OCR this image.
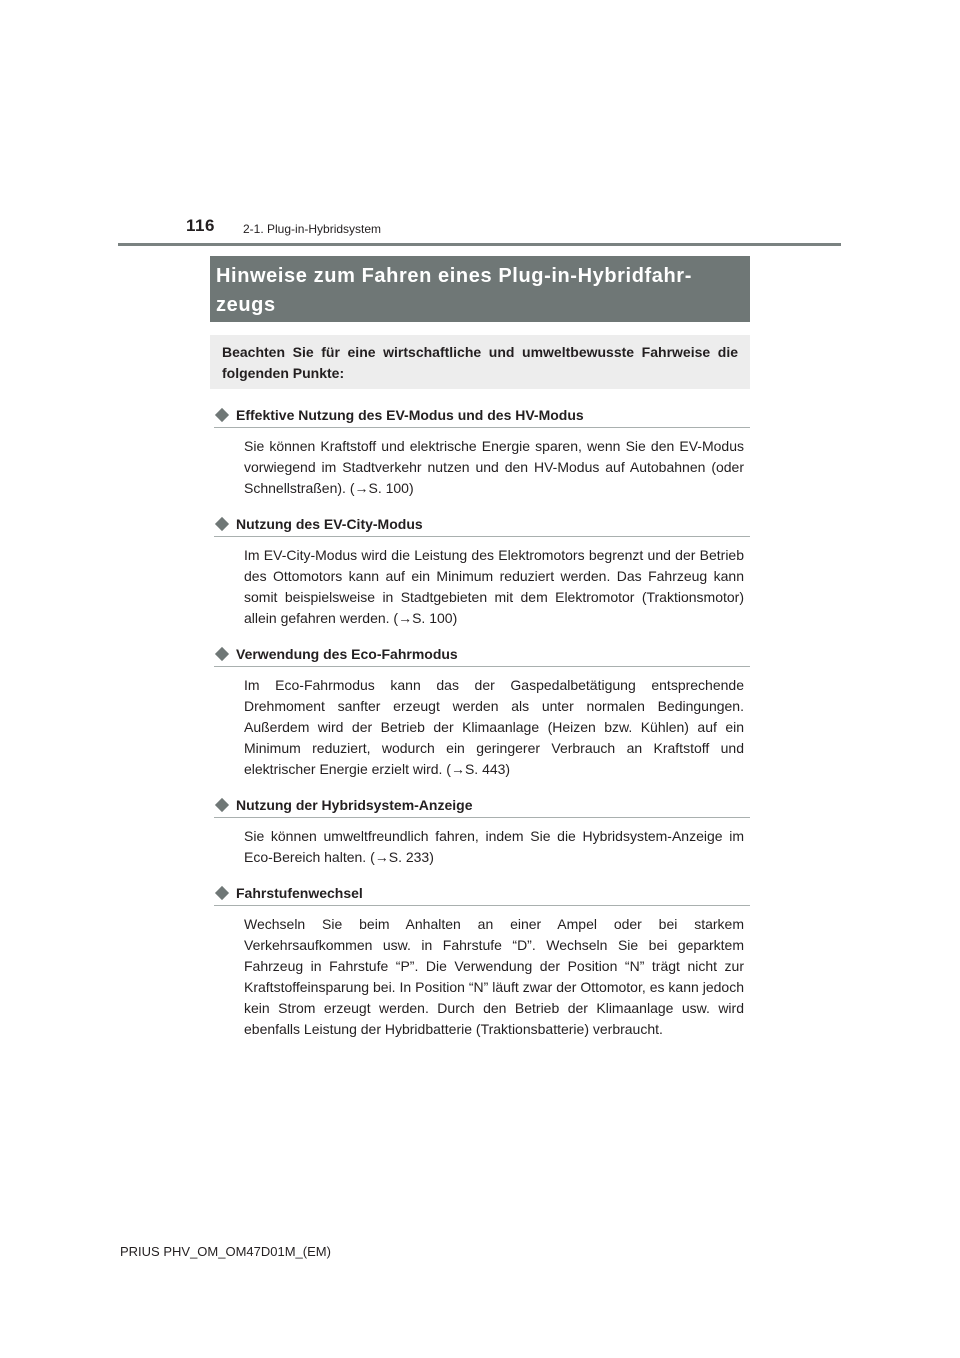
116 2-1. Plug-in-Hybridsystem

Hinweise zum Fahren eines Plug-in-Hybridfahr-
zeugs

Beachten Sie für eine wirtschaftliche und umweltbewusste Fahrweise die folgenden Punkte:
Effektive Nutzung des EV-Modus und des HV-Modus
Sie können Kraftstoff und elektrische Energie sparen, wenn Sie den EV-Modus vorwiegend im Stadtverkehr nutzen und den HV-Modus auf Autobahnen (oder Schnellstraßen). (→S. 100)
Nutzung des EV-City-Modus
Im EV-City-Modus wird die Leistung des Elektromotors begrenzt und der Betrieb des Ottomotors kann auf ein Minimum reduziert werden. Das Fahrzeug kann somit beispielsweise in Stadtgebieten mit dem Elektromotor (Traktionsmotor) allein gefahren werden. (→S. 100)
Verwendung des Eco-Fahrmodus
Im Eco-Fahrmodus kann das der Gaspedalbetätigung entsprechende Drehmoment sanfter erzeugt werden als unter normalen Bedingungen. Außerdem wird der Betrieb der Klimaanlage (Heizen bzw. Kühlen) auf ein Minimum reduziert, wodurch ein geringerer Verbrauch an Kraftstoff und elektrischer Energie erzielt wird. (→S. 443)
Nutzung der Hybridsystem-Anzeige
Sie können umweltfreundlich fahren, indem Sie die Hybridsystem-Anzeige im Eco-Bereich halten. (→S. 233)
Fahrstufenwechsel
Wechseln Sie beim Anhalten an einer Ampel oder bei starkem Verkehrsaufkommen usw. in Fahrstufe “D”. Wechseln Sie bei geparktem Fahrzeug in Fahrstufe “P”. Die Verwendung der Position “N” trägt nicht zur Kraftstoffeinsparung bei. In Position “N” läuft zwar der Ottomotor, es kann jedoch kein Strom erzeugt werden. Durch den Betrieb der Klimaanlage usw. wird ebenfalls Leistung der Hybridbatterie (Traktionsbatterie) verbraucht.
PRIUS PHV_OM_OM47D01M_(EM)
